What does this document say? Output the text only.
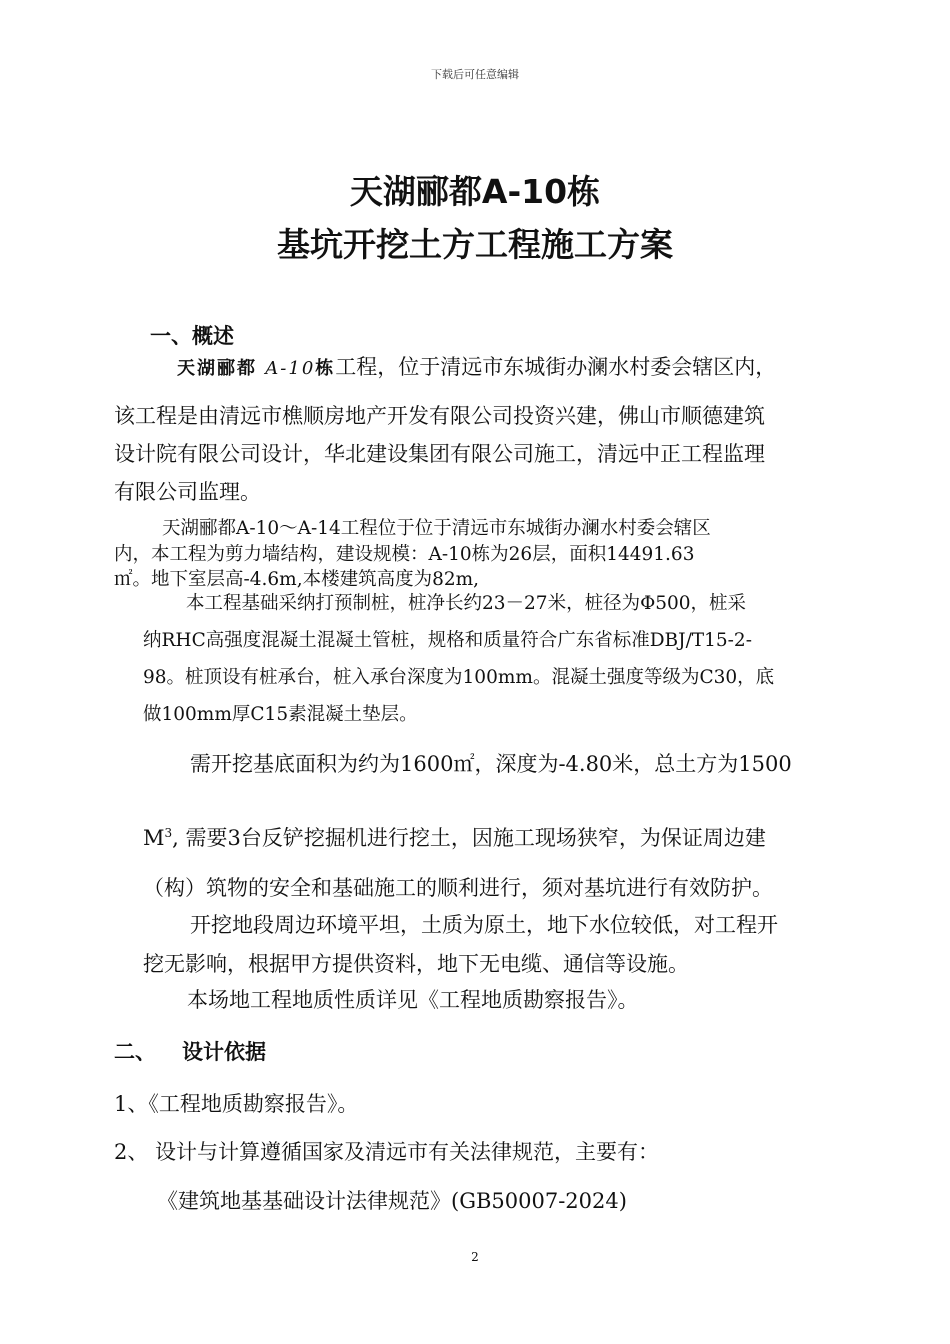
下载后可任意编辑
天湖郦都A-10栋
基坑开挖土方工程施工方案
一、概述
天湖郦都 A-10栋工程，位于清远市东城街办澜水村委会辖区内，
该工程是由清远市樵顺房地产开发有限公司投资兴建，佛山市顺德建筑
设计院有限公司设计，华北建设集团有限公司施工，清远中正工程监理
有限公司监理。
天湖郦都A-10～A-14工程位于位于清远市东城街办澜水村委会辖区
内，本工程为剪力墙结构，建设规模：A-10栋为26层，面积14491.63
㎡。地下室层高-4.6m,本楼建筑高度为82m,
本工程基础采纳打预制桩，桩净长约23－27米，桩径为Φ500，桩采
纳RHC高强度混凝土混凝土管桩，规格和质量符合广东省标准DBJ/T15-2-
98。桩顶设有桩承台，桩入承台深度为100mm。混凝土强度等级为C30，底
做100mm厚C15素混凝土垫层。
需开挖基底面积为约为1600㎡，深度为-4.80米，总土方为1500
$M^3$, 需要3台反铲挖掘机进行挖土，因施工现场狭窄，为保证周边建
（构）筑物的安全和基础施工的顺利进行，须对基坑进行有效防护。
开挖地段周边环境平坦，土质为原土，地下水位较低，对工程开
挖无影响，根据甲方提供资料，地下无电缆、通信等设施。
本场地工程地质性质详见《工程地质勘察报告》。
二、 设计依据
1、《工程地质勘察报告》。
2、 设计与计算遵循国家及清远市有关法律规范，主要有：
《建筑地基基础设计法律规范》(GB50007-2024)
2
